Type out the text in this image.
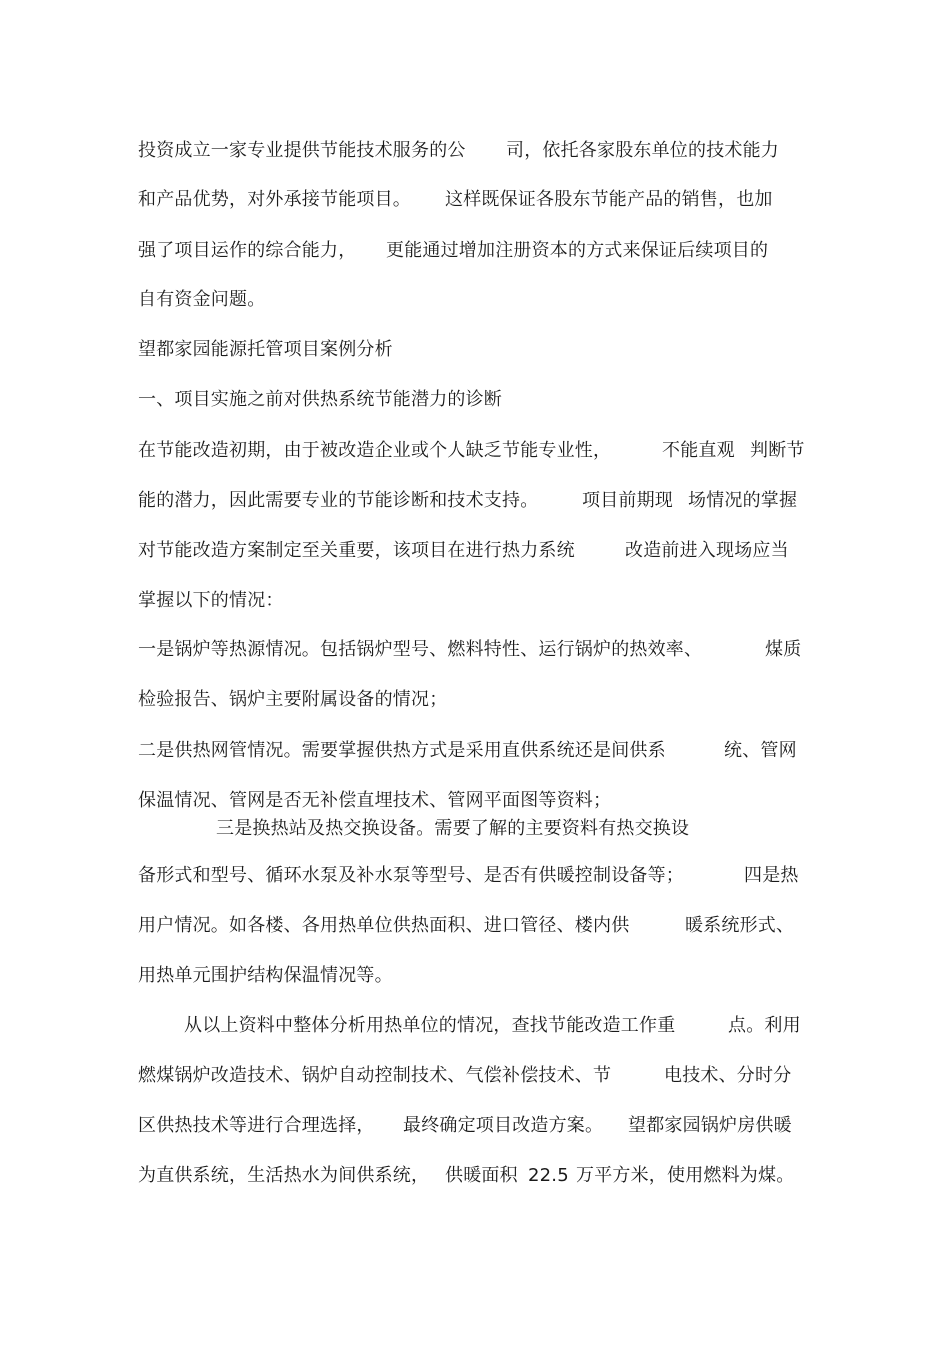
投资成立一家专业提供节能技术服务的公

司，依托各家股东单位的技术能力

和产品优势，对外承接节能项目。

这样既保证各股东节能产品的销售，也加

强了项目运作的综合能力，

更能通过增加注册资本的方式来保证后续项目的

自有资金问题。

望都家园能源托管项目案例分析

一、项目实施之前对供热系统节能潜力的诊断

在节能改造初期，由于被改造企业或个人缺乏节能专业性，

	不能直观

判断节

能的潜力，因此需要专业的节能诊断和技术支持。

项目前期现

场情况的掌握

对节能改造方案制定至关重要，该项目在进行热力系统

	改造前进入现场应当

掌握以下的情况：

一是锅炉等热源情况。包括锅炉型号、燃料特性、运行锅炉的热效率、

	煤质

检验报告、锅炉主要附属设备的情况；

二是供热网管情况。需要掌握供热方式是采用直供系统还是间供系

	统、管网

保温情况、管网是否无补偿直埋技术、管网平面图等资料；

三是换热站及热交换设备。需要了解的主要资料有热交换设

备形式和型号、循环水泵及补水泵等型号、是否有供暖控制设备等；

	四是热

用户情况。如各楼、各用热单位供热面积、进口管径、楼内供

	暖系统形式、

用热单元围护结构保温情况等。

从以上资料中整体分析用热单位的情况，查找节能改造工作重

	点。利用

燃煤锅炉改造技术、锅炉自动控制技术、气偿补偿技术、节

	电技术、分时分

区供热技术等进行合理选择，

最终确定项目改造方案。

望都家园锅炉房供暖

为直供系统，生活热水为间供系统，

供暖面积

22.5

万平方米，使用燃料为煤。
